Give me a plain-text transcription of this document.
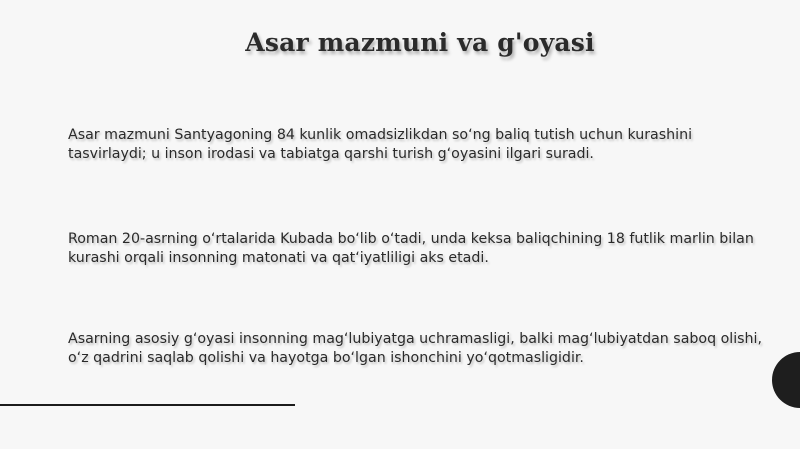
Asar mazmuni va g'oyasi
Asar mazmuni Santyagoning 84 kunlik omadsizlikdan so‘ng baliq tutish uchun kurashini tasvirlaydi; u inson irodasi va tabiatga qarshi turish g‘oyasini ilgari suradi.
Roman 20-asrning o‘rtalarida Kubada bo‘lib o‘tadi, unda keksa baliqchining 18 futlik marlin bilan kurashi orqali insonning matonati va qat‘iyatliligi aks etadi.
Asarning asosiy g‘oyasi insonning mag‘lubiyatga uchramasligi, balki mag‘lubiyatdan saboq olishi, o‘z qadrini saqlab qolishi va hayotga bo‘lgan ishonchini yo‘qotmasligidir.
